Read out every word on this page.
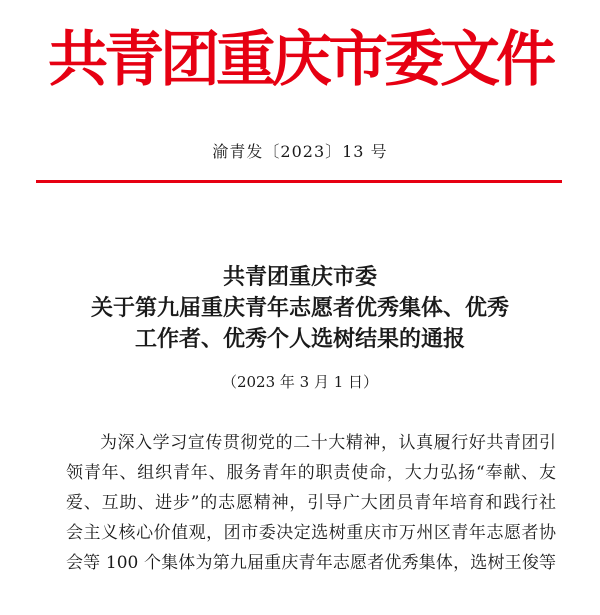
共青团重庆市委文件
渝青发〔2023〕13 号
共青团重庆市委
关于第九届重庆青年志愿者优秀集体、优秀
工作者、优秀个人选树结果的通报
（2023 年 3 月 1 日）
为深入学习宣传贯彻党的二十大精神，认真履行好共青团引
领青年、组织青年、服务青年的职责使命，大力弘扬“奉献、友
爱、互助、进步”的志愿精神，引导广大团员青年培育和践行社
会主义核心价值观，团市委决定选树重庆市万州区青年志愿者协
会等 100 个集体为第九届重庆青年志愿者优秀集体，选树王俊等
